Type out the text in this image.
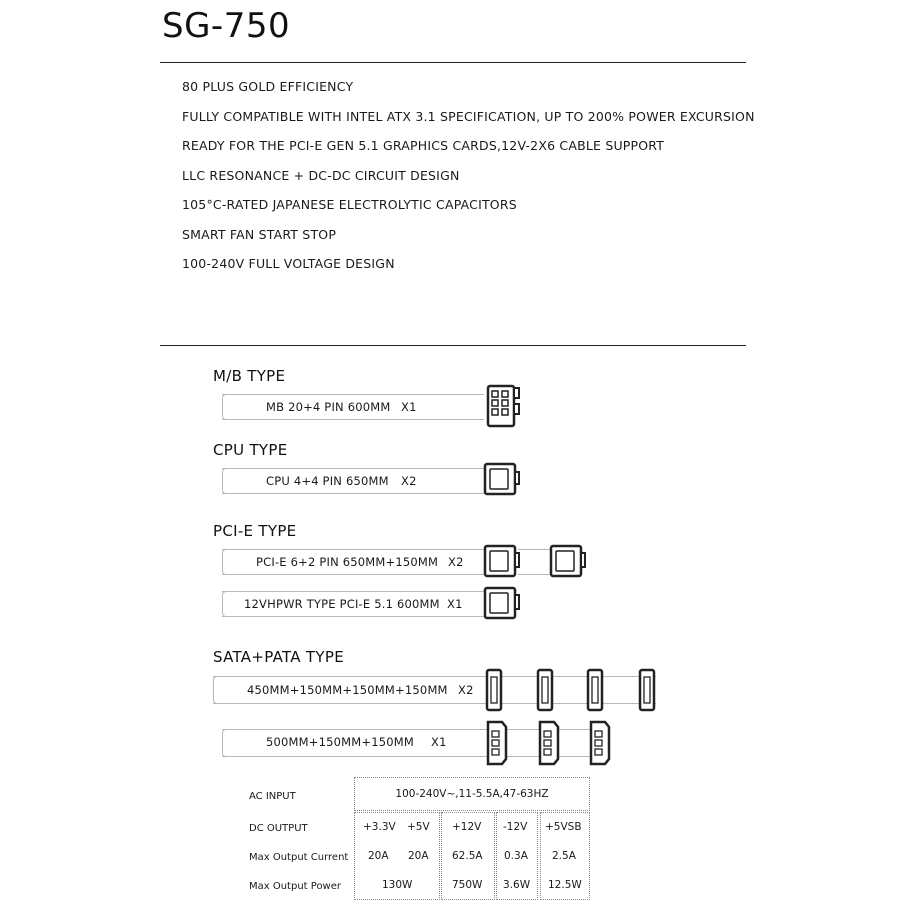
SG-750
80 PLUS GOLD EFFICIENCY
FULLY COMPATIBLE WITH INTEL ATX 3.1 SPECIFICATION, UP TO 200% POWER EXCURSION
READY FOR THE PCI-E GEN 5.1 GRAPHICS CARDS,12V-2X6 CABLE SUPPORT
LLC RESONANCE + DC-DC CIRCUIT DESIGN
105°C-RATED JAPANESE ELECTROLYTIC CAPACITORS
SMART FAN START STOP
100-240V FULL VOLTAGE DESIGN
M/B TYPE
MB 20+4 PIN 600MM X1
CPU TYPE
CPU 4+4 PIN 650MM X2
PCI-E TYPE
PCI-E 6+2 PIN 650MM+150MM X2
12VHPWR TYPE PCI-E 5.1 600MM X1
SATA+PATA TYPE
450MM+150MM+150MM+150MM X2
500MM+150MM+150MM X1
AC INPUT
DC OUTPUT
Max Output Current
Max Output Power
100-240V~,11-5.5A,47-63HZ
+3.3V +5V +12V -12V +5VSB
20A 20A 62.5A 0.3A 2.5A
130W	750W 3.6W 12.5W
